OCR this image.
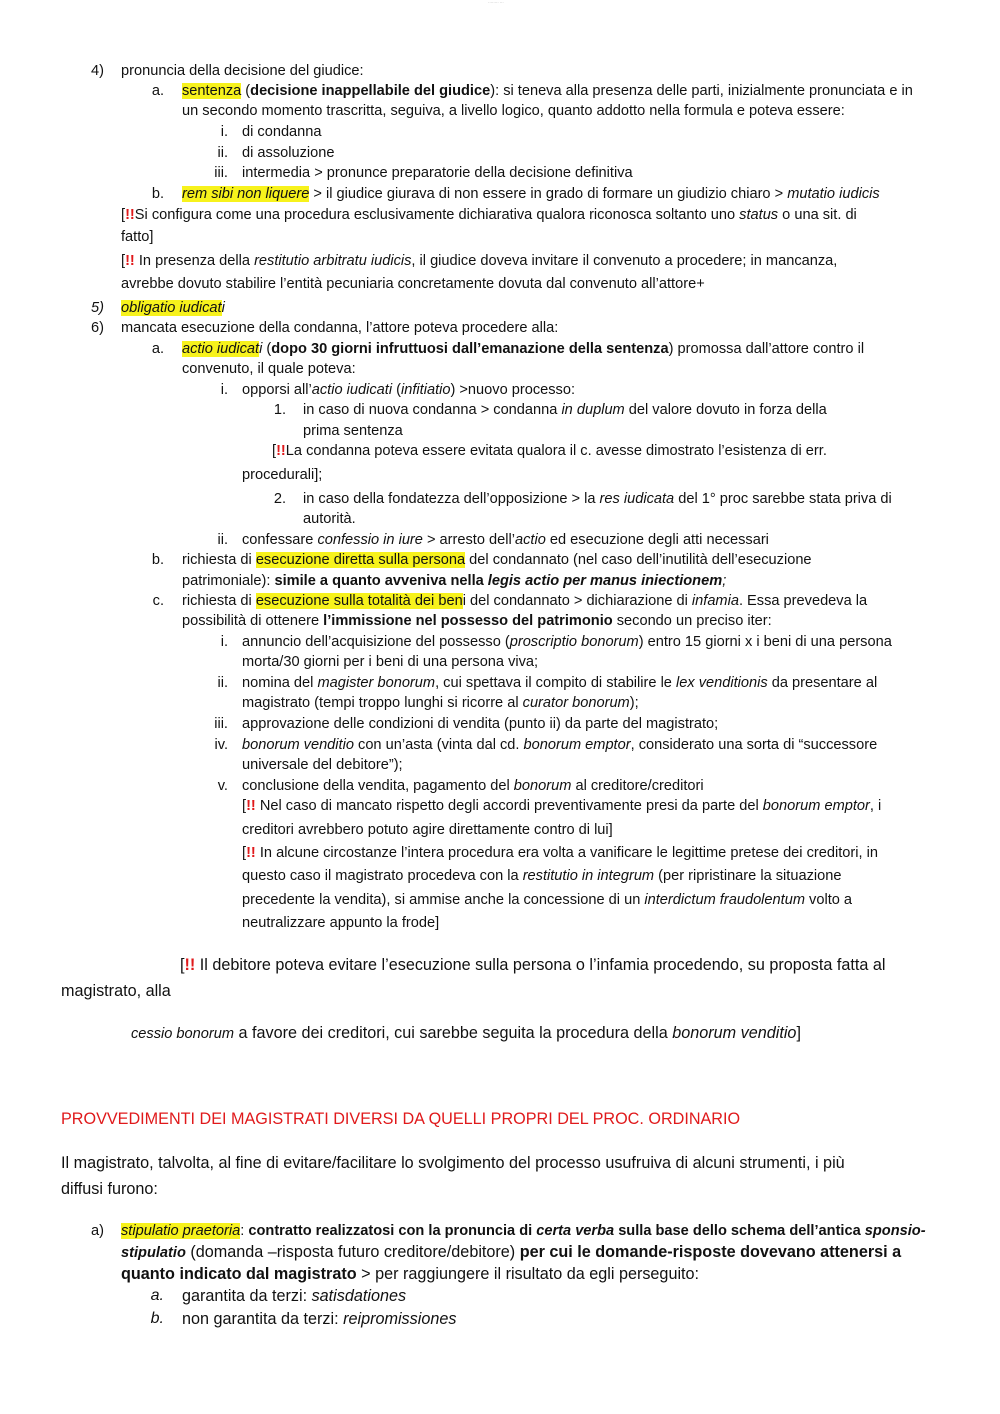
········ ···
4) pronuncia della decisione del giudice:
a. sentenza (decisione inappellabile del giudice): si teneva alla presenza delle parti, inizialmente pronunciata e in
un secondo momento trascritta, seguiva, a livello logico, quanto addotto nella formula e poteva essere:
i. di condanna
ii. di assoluzione
iii. intermedia > pronunce preparatorie della decisione definitiva
b. rem sibi non liquere > il giudice giurava di non essere in grado di formare un giudizio chiaro > mutatio iudicis
[!!Si configura come una procedura esclusivamente dichiarativa qualora riconosca soltanto uno status o una sit. di
fatto]
[!! In presenza della restitutio arbitratu iudicis, il giudice doveva invitare il convenuto a procedere; in mancanza,
avrebbe dovuto stabilire l’entità pecuniaria concretamente dovuta dal convenuto all’attore+
5) obligatio iudicati
6) mancata esecuzione della condanna, l’attore poteva procedere alla:
a. actio iudicati (dopo 30 giorni infruttuosi dall’emanazione della sentenza) promossa dall’attore contro il
convenuto, il quale poteva:
i. opporsi all’actio iudicati (infitiatio) >nuovo processo:
1. in caso di nuova condanna > condanna in duplum del valore dovuto in forza della
prima sentenza
[!!La condanna poteva essere evitata qualora il c. avesse dimostrato l’esistenza di err.
procedurali];
2. in caso della fondatezza dell’opposizione > la res iudicata del 1° proc sarebbe stata priva di
autorità.
ii. confessare confessio in iure > arresto dell’actio ed esecuzione degli atti necessari
b. richiesta di esecuzione diretta sulla persona del condannato (nel caso dell’inutilità dell’esecuzione
patrimoniale): simile a quanto avveniva nella legis actio per manus iniectionem;
c. richiesta di esecuzione sulla totalità dei beni del condannato > dichiarazione di infamia. Essa prevedeva la
possibilità di ottenere l’immissione nel possesso del patrimonio secondo un preciso iter:
i. annuncio dell’acquisizione del possesso (proscriptio bonorum) entro 15 giorni x i beni di una persona
morta/30 giorni per i beni di una persona viva;
ii. nomina del magister bonorum, cui spettava il compito di stabilire le lex venditionis da presentare al
magistrato (tempi troppo lunghi si ricorre al curator bonorum);
iii. approvazione delle condizioni di vendita (punto ii) da parte del magistrato;
iv. bonorum venditio con un’asta (vinta dal cd. bonorum emptor, considerato una sorta di “successore
universale del debitore”);
v. conclusione della vendita, pagamento del bonorum al creditore/creditori
[!! Nel caso di mancato rispetto degli accordi preventivamente presi da parte del bonorum emptor, i
creditori avrebbero potuto agire direttamente contro di lui]
[!! In alcune circostanze l’intera procedura era volta a vanificare le legittime pretese dei creditori, in
questo caso il magistrato procedeva con la restitutio in integrum (per ripristinare la situazione
precedente la vendita), si ammise anche la concessione di un interdictum fraudolentum volto a
neutralizzare appunto la frode]
[!! Il debitore poteva evitare l’esecuzione sulla persona o l’infamia procedendo, su proposta fatta al
magistrato, alla
cessio bonorum a favore dei creditori, cui sarebbe seguita la procedura della bonorum venditio]
PROVVEDIMENTI DEI MAGISTRATI DIVERSI DA QUELLI PROPRI DEL PROC. ORDINARIO
Il magistrato, talvolta, al fine di evitare/facilitare lo svolgimento del processo usufruiva di alcuni strumenti, i più
diffusi furono:
a) stipulatio praetoria: contratto realizzatosi con la pronuncia di certa verba sulla base dello schema dell’antica sponsio-
stipulatio (domanda –risposta futuro creditore/debitore) per cui le domande-risposte dovevano attenersi a
quanto indicato dal magistrato > per raggiungere il risultato da egli perseguito:
a. garantita da terzi: satisdationes
b. non garantita da terzi: reipromissiones
